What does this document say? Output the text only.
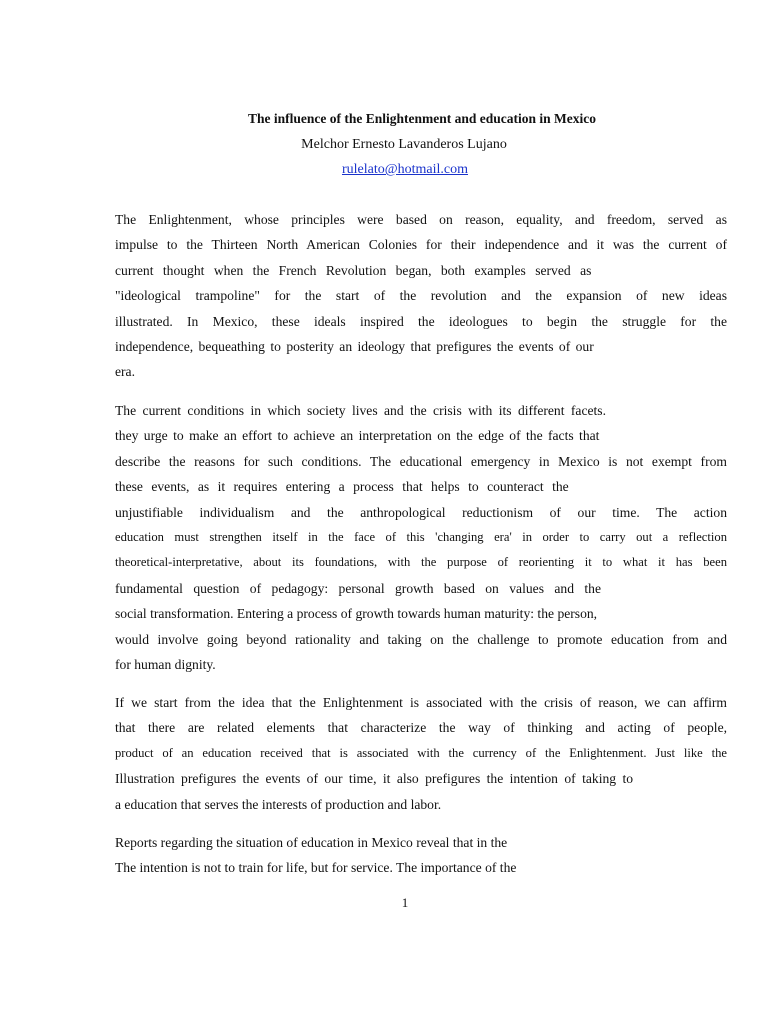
The influence of the Enlightenment and education in Mexico
Melchor Ernesto Lavanderos Lujano
rulelato@hotmail.com
The Enlightenment, whose principles were based on reason, equality, and freedom, served as
impulse to the Thirteen North American Colonies for their independence and it was the current of
current thought when the French Revolution began, both examples served as
"ideological trampoline" for the start of the revolution and the expansion of new ideas
illustrated. In Mexico, these ideals inspired the ideologues to begin the struggle for the
independence, bequeathing to posterity an ideology that prefigures the events of our
era.
The current conditions in which society lives and the crisis with its different facets.
they urge to make an effort to achieve an interpretation on the edge of the facts that
describe the reasons for such conditions. The educational emergency in Mexico is not exempt from
these events, as it requires entering a process that helps to counteract the
unjustifiable individualism and the anthropological reductionism of our time. The action
education must strengthen itself in the face of this 'changing era' in order to carry out a reflection
theoretical-interpretative, about its foundations, with the purpose of reorienting it to what it has been
fundamental question of pedagogy: personal growth based on values and the
social transformation. Entering a process of growth towards human maturity: the person,
would involve going beyond rationality and taking on the challenge to promote education from and
for human dignity.
If we start from the idea that the Enlightenment is associated with the crisis of reason, we can affirm
that there are related elements that characterize the way of thinking and acting of people,
product of an education received that is associated with the currency of the Enlightenment. Just like the
Illustration prefigures the events of our time, it also prefigures the intention of taking to
a education that serves the interests of production and labor.
Reports regarding the situation of education in Mexico reveal that in the
The intention is not to train for life, but for service. The importance of the
1
